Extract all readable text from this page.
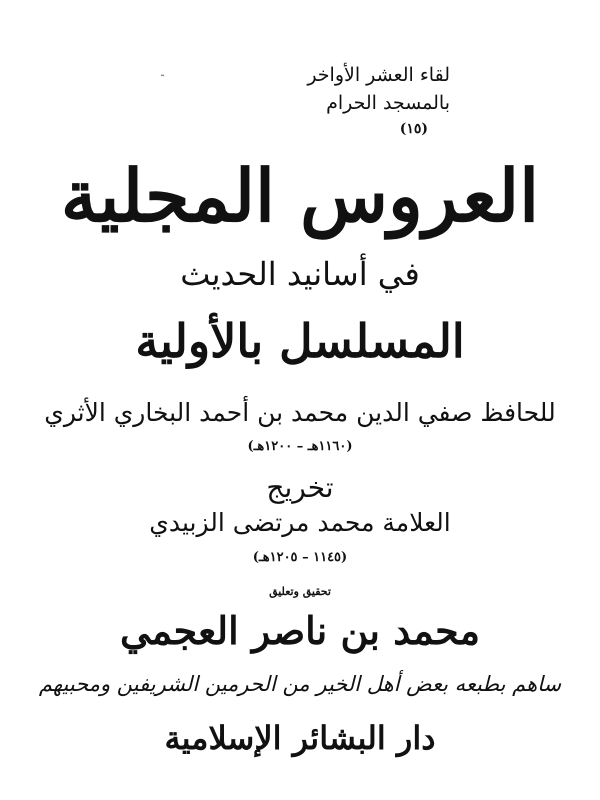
˷	لقاء العشر الأواخر
بالمسجد الحرام
(١٥)
العروس المجلية
في أسانيد الحديث
المسلسل بالأولية
للحافظ صفي الدين محمد بن أحمد البخاري الأثري
(١١٦٠هـ – ١٢٠٠هـ)
تخريج
العلامة محمد مرتضى الزبيدي
(١١٤٥ – ١٢٠٥هـ)
تحقيق وتعليق
محمد بن ناصر العجمي
ساهم بطبعه بعض أهل الخير من الحرمين الشريفين ومحبيهم
دار البشائر الإسلامية
